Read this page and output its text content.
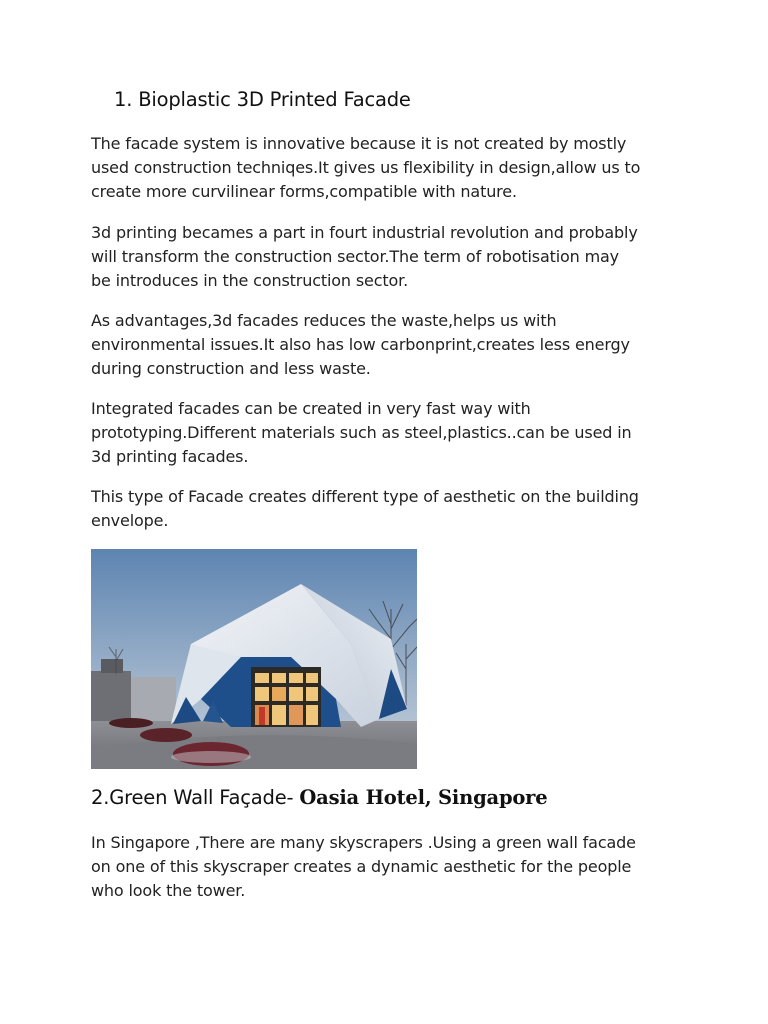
1. Bioplastic 3D Printed Facade

The facade system is innovative because it is not created by mostly
used construction techniqes.It gives us flexibility in design,allow us to
create more curvilinear forms,compatible with nature.

3d printing becames a part in fourt industrial revolution and probably
will transform the construction sector.The term of robotisation may
be introduces in the construction sector.

As advantages,3d facades reduces the waste,helps us with
environmental issues.It also has low carbonprint,creates less energy
during construction and less waste.

Integrated facades can be created in very fast way with
prototyping.Different materials such as steel,plastics..can be used in
3d printing facades.

This type of Facade creates different type of aesthetic on the building
envelope.

2.Green Wall Façade- Oasia Hotel, Singapore

In Singapore ,There are many skyscrapers .Using a green wall facade
on one of this skyscraper creates a dynamic aesthetic for the people
who look the tower.
